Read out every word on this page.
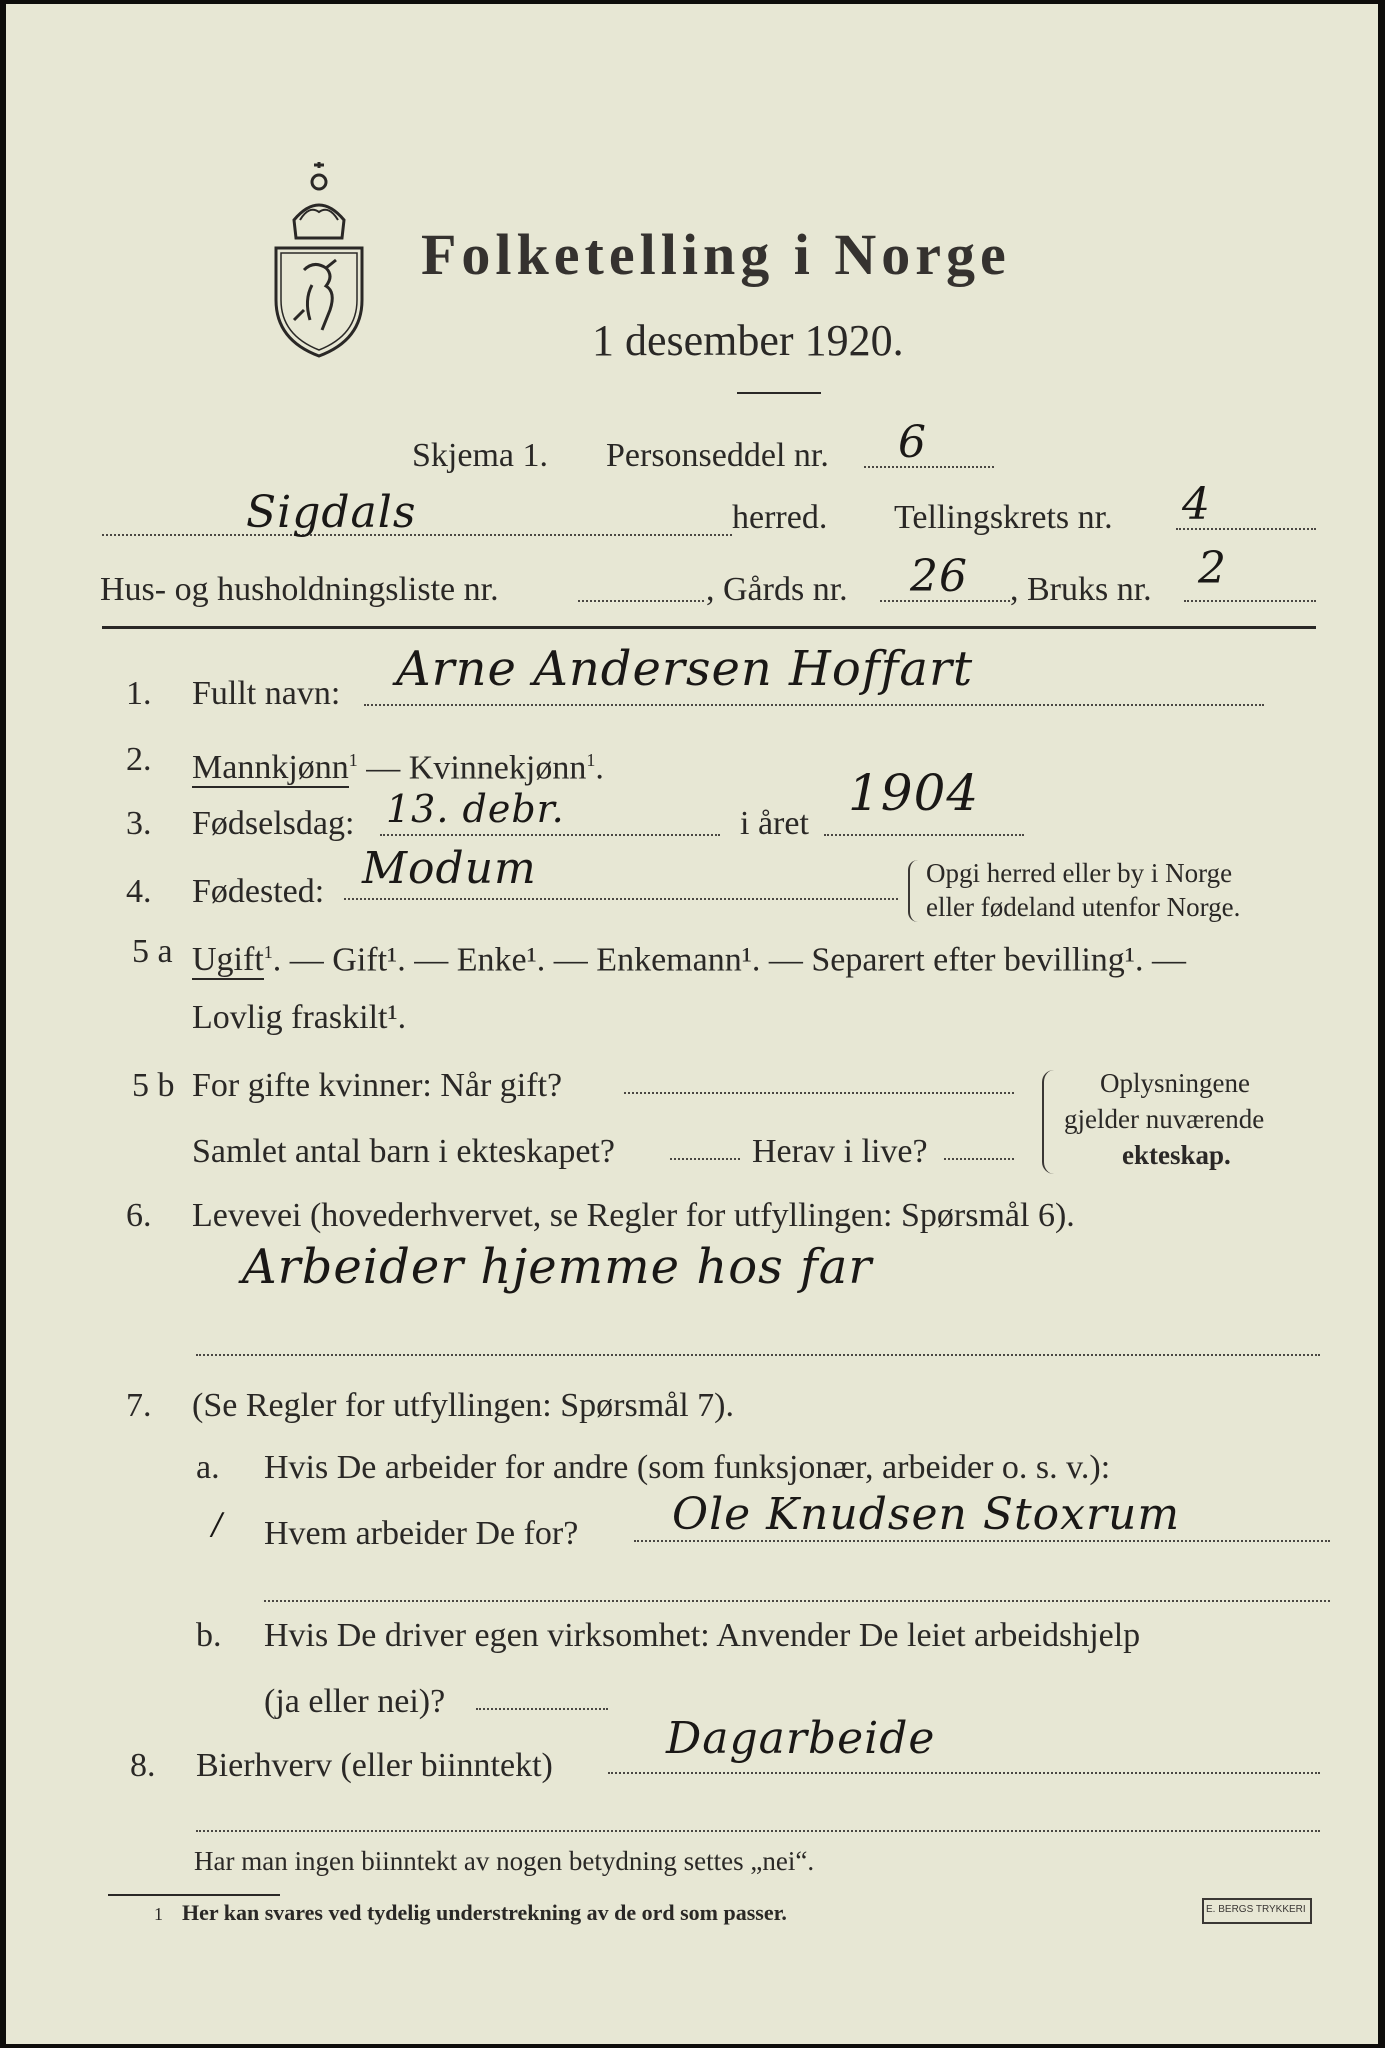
Folketelling i Norge
1 desember 1920.
Skjema 1. Personseddel nr. 6
Sigdals	herred. Tellingskrets nr. 4
Hus- og husholdningsliste nr.	, Gårds nr. 26 , Bruks nr. 2
1. Fullt navn: Arne Andersen Hoffart
2. Mannkjønn$^1$ — Kvinnekjønn$^1$.
3. Fødselsdag: 13. debr.	i året
1904
4. Fødested: Modum	Opgi herred eller by i Norge
eller fødeland utenfor Norge.
5 a Ugift$^1$. — Gift¹. — Enke¹. — Enkemann¹. — Separert efter bevilling¹. —
Lovlig fraskilt¹.
5 b For gifte kvinner: Når gift?
Samlet antal barn i ekteskapet?	Herav i live?
Oplysningene
gjelder nuværende
ekteskap.
6. Levevei (hovederhvervet, se Regler for utfyllingen: Spørsmål 6).
Arbeider hjemme hos far
7. (Se Regler for utfyllingen: Spørsmål 7).
a. Hvis De arbeider for andre (som funksjonær, arbeider o. s. v.):
/ Hvem arbeider De for? Ole Knudsen Stoxrum
b. Hvis De driver egen virksomhet: Anvender De leiet arbeidshjelp
(ja eller nei)?
8. Bierhverv (eller biinntekt)
Dagarbeide
Har man ingen biinntekt av nogen betydning settes „nei“.
1 Her kan svares ved tydelig understrekning av de ord som passer.	E. BERGS TRYKKERI
